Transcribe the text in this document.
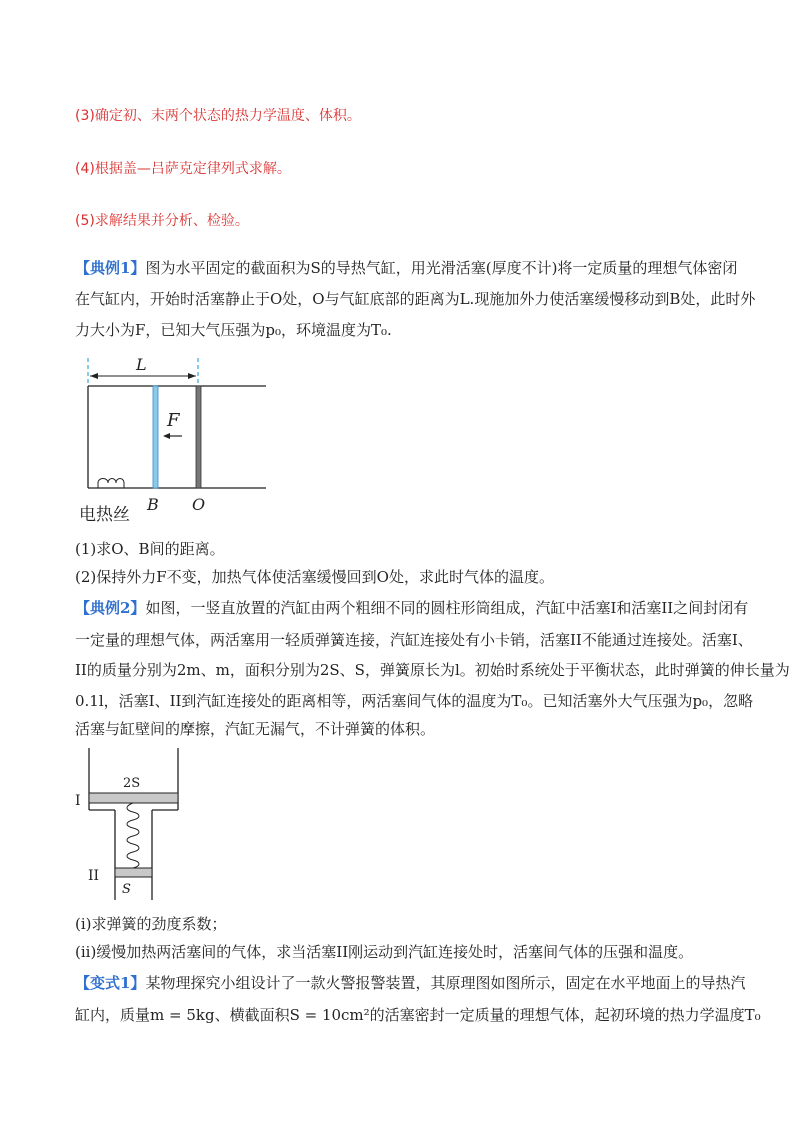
(3)确定初、末两个状态的热力学温度、体积。
(4)根据盖—吕萨克定律列式求解。
(5)求解结果并分析、检验。
【典例1】图为水平固定的截面积为S的导热气缸，用光滑活塞(厚度不计)将一定质量的理想气体密闭
在气缸内，开始时活塞静止于O处，O与气缸底部的距离为L.现施加外力使活塞缓慢移动到B处，此时外
力大小为F，已知大气压强为p₀，环境温度为T₀.
L
F
电热丝
B O
(1)求O、B间的距离。
(2)保持外力F不变，加热气体使活塞缓慢回到O处，求此时气体的温度。
【典例2】如图，一竖直放置的汽缸由两个粗细不同的圆柱形筒组成，汽缸中活塞I和活塞II之间封闭有
一定量的理想气体，两活塞用一轻质弹簧连接，汽缸连接处有小卡销，活塞II不能通过连接处。活塞I、
II的质量分别为2m、m，面积分别为2S、S，弹簧原长为l。初始时系统处于平衡状态，此时弹簧的伸长量为
0.1l，活塞I、II到汽缸连接处的距离相等，两活塞间气体的温度为T₀。已知活塞外大气压强为p₀，忽略
活塞与缸壁间的摩擦，汽缸无漏气，不计弹簧的体积。
2S
I
II
S
(i)求弹簧的劲度系数；
(ii)缓慢加热两活塞间的气体，求当活塞II刚运动到汽缸连接处时，活塞间气体的压强和温度。
【变式1】某物理探究小组设计了一款火警报警装置，其原理图如图所示，固定在水平地面上的导热汽
缸内，质量m = 5kg、横截面积S = 10cm²的活塞密封一定质量的理想气体，起初环境的热力学温度T₀
